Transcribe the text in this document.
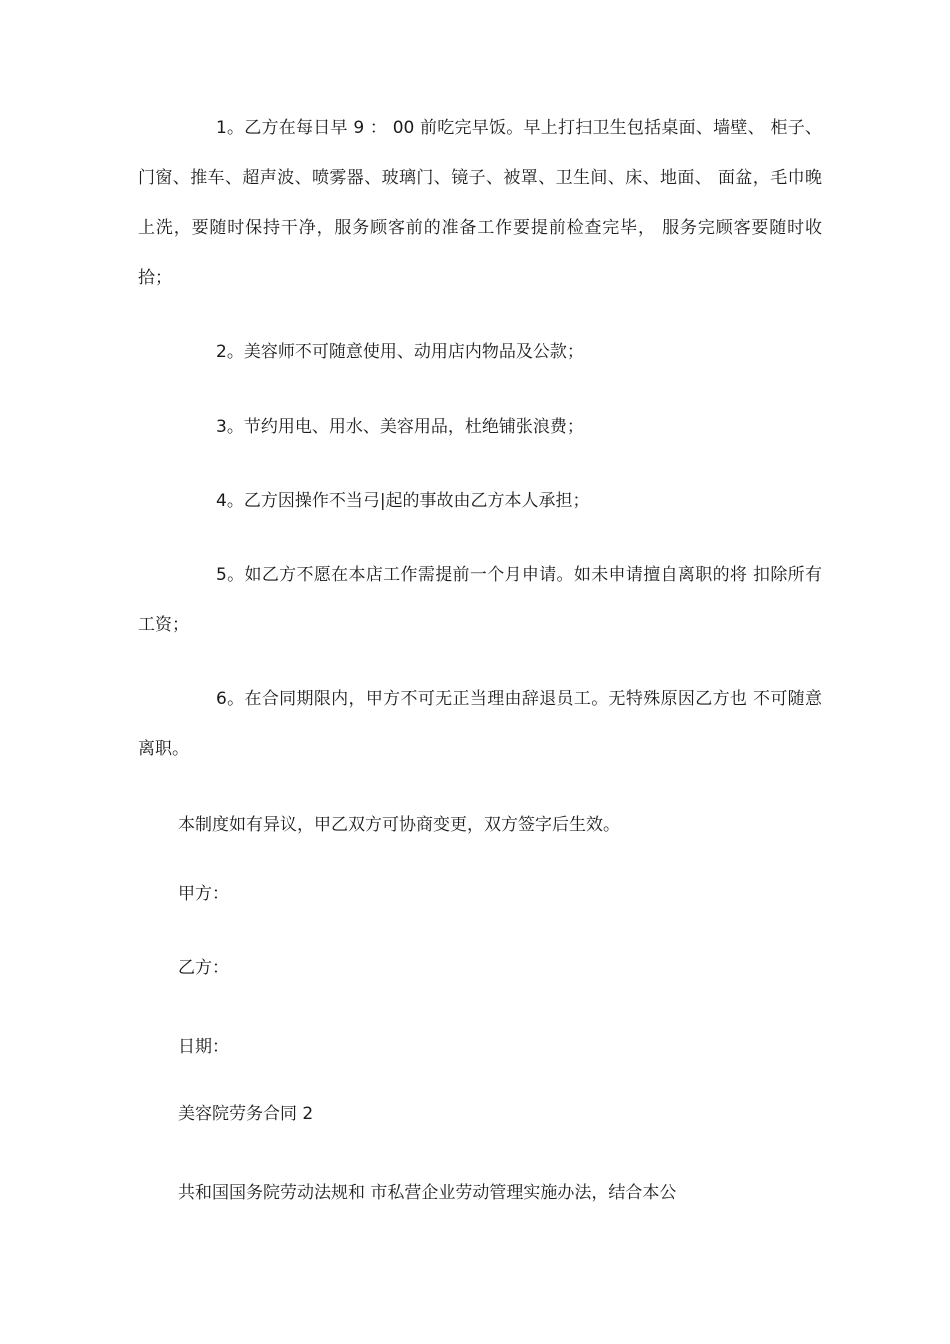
1。乙方在每日早 9 ： 00 前吃完早饭。早上打扫卫生包括桌面、墙壁、 柜子、门窗、推车、超声波、喷雾器、玻璃门、镜子、被罩、卫生间、床、地面、 面盆，毛巾晚上洗，要随时保持干净，服务顾客前的准备工作要提前检查完毕， 服务完顾客要随时收拾；

2。美容师不可随意使用、动用店内物品及公款；

3。节约用电、用水、美容用品，杜绝铺张浪费；

4。乙方因操作不当弓|起的事故由乙方本人承担；

5。如乙方不愿在本店工作需提前一个月申请。如未申请擅自离职的将 扣除所有工资；

6。在合同期限内，甲方不可无正当理由辞退员工。无特殊原因乙方也 不可随意离职。

本制度如有异议，甲乙双方可协商变更，双方签字后生效。

甲方：

乙方：

日期：

美容院劳务合同 2

共和国国务院劳动法规和 市私营企业劳动管理实施办法，结合本公
